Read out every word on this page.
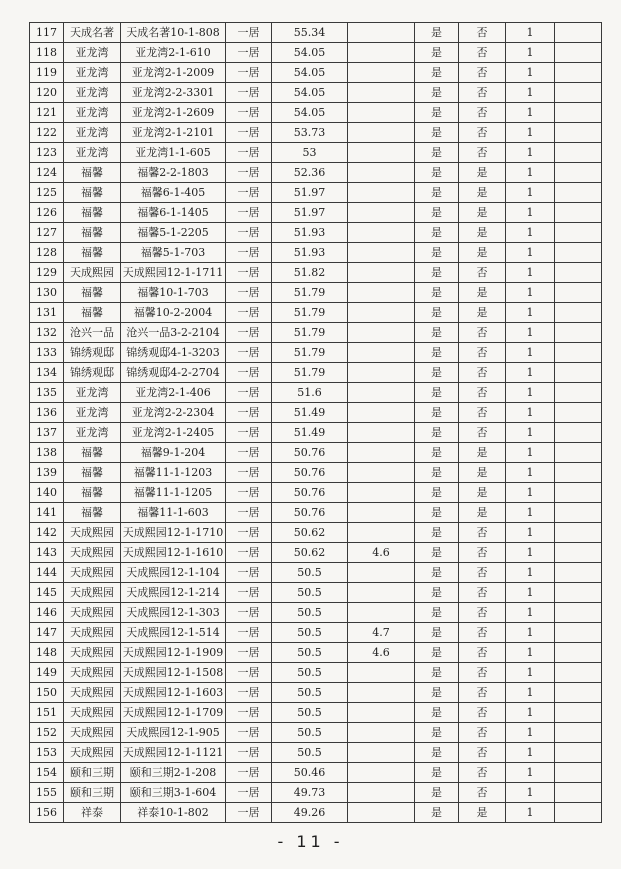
117	天成名著	天成名著10-1-808	一居	55.34		是	否	1	
118	亚龙湾	亚龙湾2-1-610	一居	54.05		是	否	1	
119	亚龙湾	亚龙湾2-1-2009	一居	54.05		是	否	1	
120	亚龙湾	亚龙湾2-2-3301	一居	54.05		是	否	1	
121	亚龙湾	亚龙湾2-1-2609	一居	54.05		是	否	1	
122	亚龙湾	亚龙湾2-1-2101	一居	53.73		是	否	1	
123	亚龙湾	亚龙湾1-1-605	一居	53		是	否	1	
124	福馨	福馨2-2-1803	一居	52.36		是	是	1	
125	福馨	福馨6-1-405	一居	51.97		是	是	1	
126	福馨	福馨6-1-1405	一居	51.97		是	是	1	
127	福馨	福馨5-1-2205	一居	51.93		是	是	1	
128	福馨	福馨5-1-703	一居	51.93		是	是	1	
129	天成熙园	天成熙园12-1-1711	一居	51.82		是	否	1	
130	福馨	福馨10-1-703	一居	51.79		是	是	1	
131	福馨	福馨10-2-2004	一居	51.79		是	是	1	
132	沧兴一品	沧兴一品3-2-2104	一居	51.79		是	否	1	
133	锦绣观邸	锦绣观邸4-1-3203	一居	51.79		是	否	1	
134	锦绣观邸	锦绣观邸4-2-2704	一居	51.79		是	否	1	
135	亚龙湾	亚龙湾2-1-406	一居	51.6		是	否	1	
136	亚龙湾	亚龙湾2-2-2304	一居	51.49		是	否	1	
137	亚龙湾	亚龙湾2-1-2405	一居	51.49		是	否	1	
138	福馨	福馨9-1-204	一居	50.76		是	是	1	
139	福馨	福馨11-1-1203	一居	50.76		是	是	1	
140	福馨	福馨11-1-1205	一居	50.76		是	是	1	
141	福馨	福馨11-1-603	一居	50.76		是	是	1	
142	天成熙园	天成熙园12-1-1710	一居	50.62		是	否	1	
143	天成熙园	天成熙园12-1-1610	一居	50.62	4.6	是	否	1	
144	天成熙园	天成熙园12-1-104	一居	50.5		是	否	1	
145	天成熙园	天成熙园12-1-214	一居	50.5		是	否	1	
146	天成熙园	天成熙园12-1-303	一居	50.5		是	否	1	
147	天成熙园	天成熙园12-1-514	一居	50.5	4.7	是	否	1	
148	天成熙园	天成熙园12-1-1909	一居	50.5	4.6	是	否	1	
149	天成熙园	天成熙园12-1-1508	一居	50.5		是	否	1	
150	天成熙园	天成熙园12-1-1603	一居	50.5		是	否	1	
151	天成熙园	天成熙园12-1-1709	一居	50.5		是	否	1	
152	天成熙园	天成熙园12-1-905	一居	50.5		是	否	1	
153	天成熙园	天成熙园12-1-1121	一居	50.5		是	否	1	
154	颐和三期	颐和三期2-1-208	一居	50.46		是	否	1	
155	颐和三期	颐和三期3-1-604	一居	49.73		是	否	1	
156	祥泰	祥泰10-1-802	一居	49.26		是	是	1	
- 11 -
